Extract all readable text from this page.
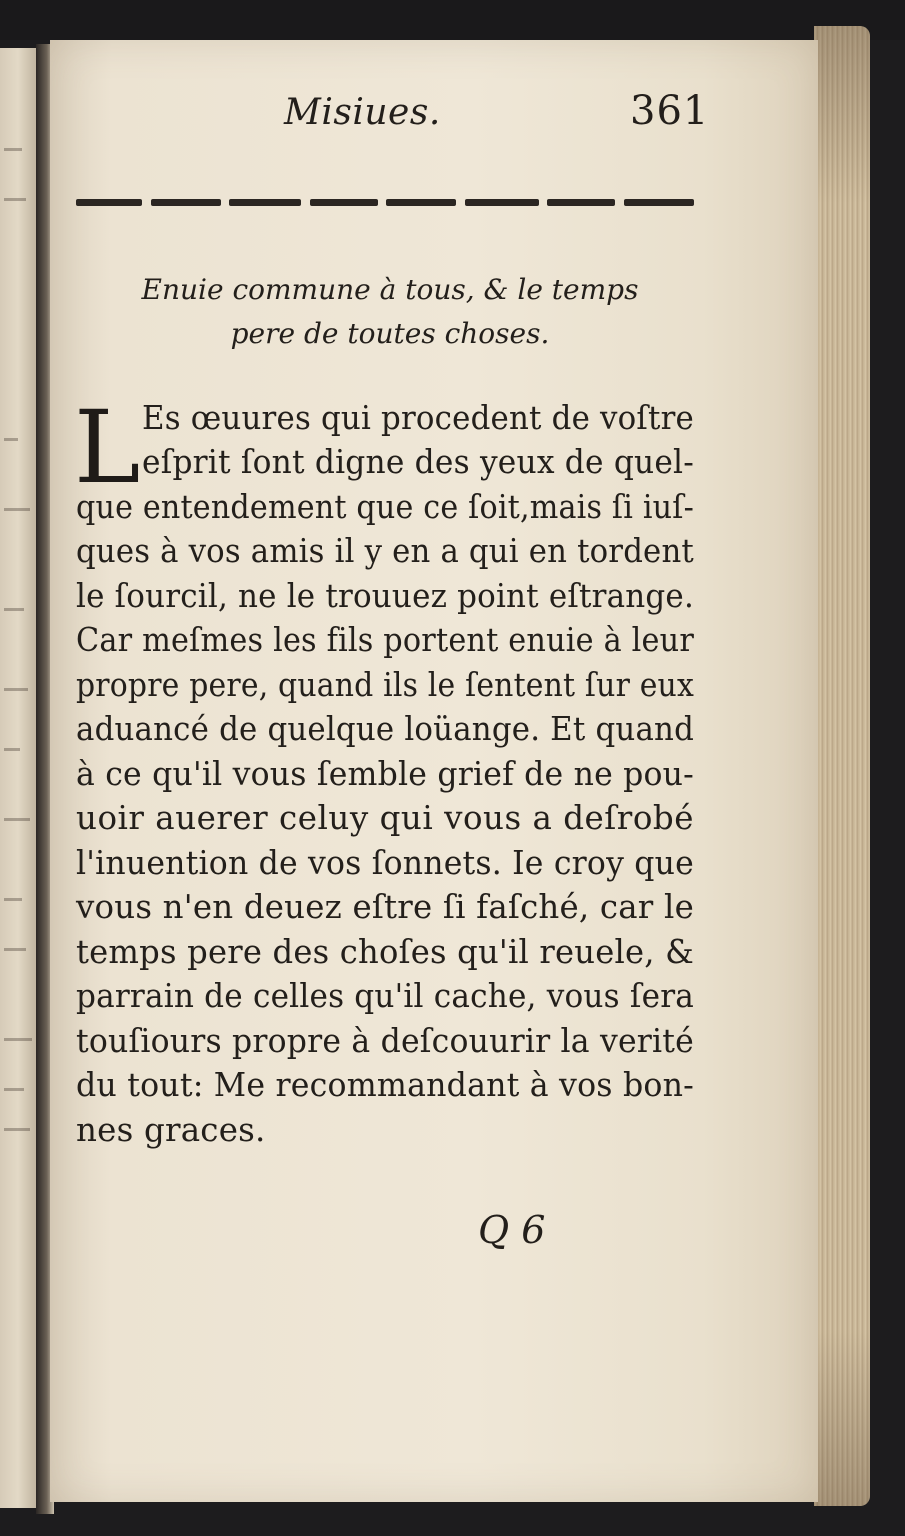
Misiues.	361
Enuie commune à tous, & le temps
pere de toutes choses.
L Es œuures qui procedent de voſtre
eſprit ſont digne des yeux de quel-
que entendement que ce ſoit,mais ſi iuſ-
ques à vos amis il y en a qui en tordent
le ſourcil, ne le trouuez point eſtrange.
Car meſmes les fils portent enuie à leur
propre pere, quand ils le ſentent ſur eux
aduancé de quelque loüange. Et quand
à ce qu'il vous ſemble grief de ne pou-
uoir auerer celuy qui vous a deſrobé
l'inuention de vos ſonnets. Ie croy que
vous n'en deuez eſtre ſi faſché, car le
temps pere des choſes qu'il reuele, &
parrain de celles qu'il cache, vous ſera
touſiours propre à deſcouurir la verité
du tout: Me recommandant à vos bon-
nes graces.
Q 6
